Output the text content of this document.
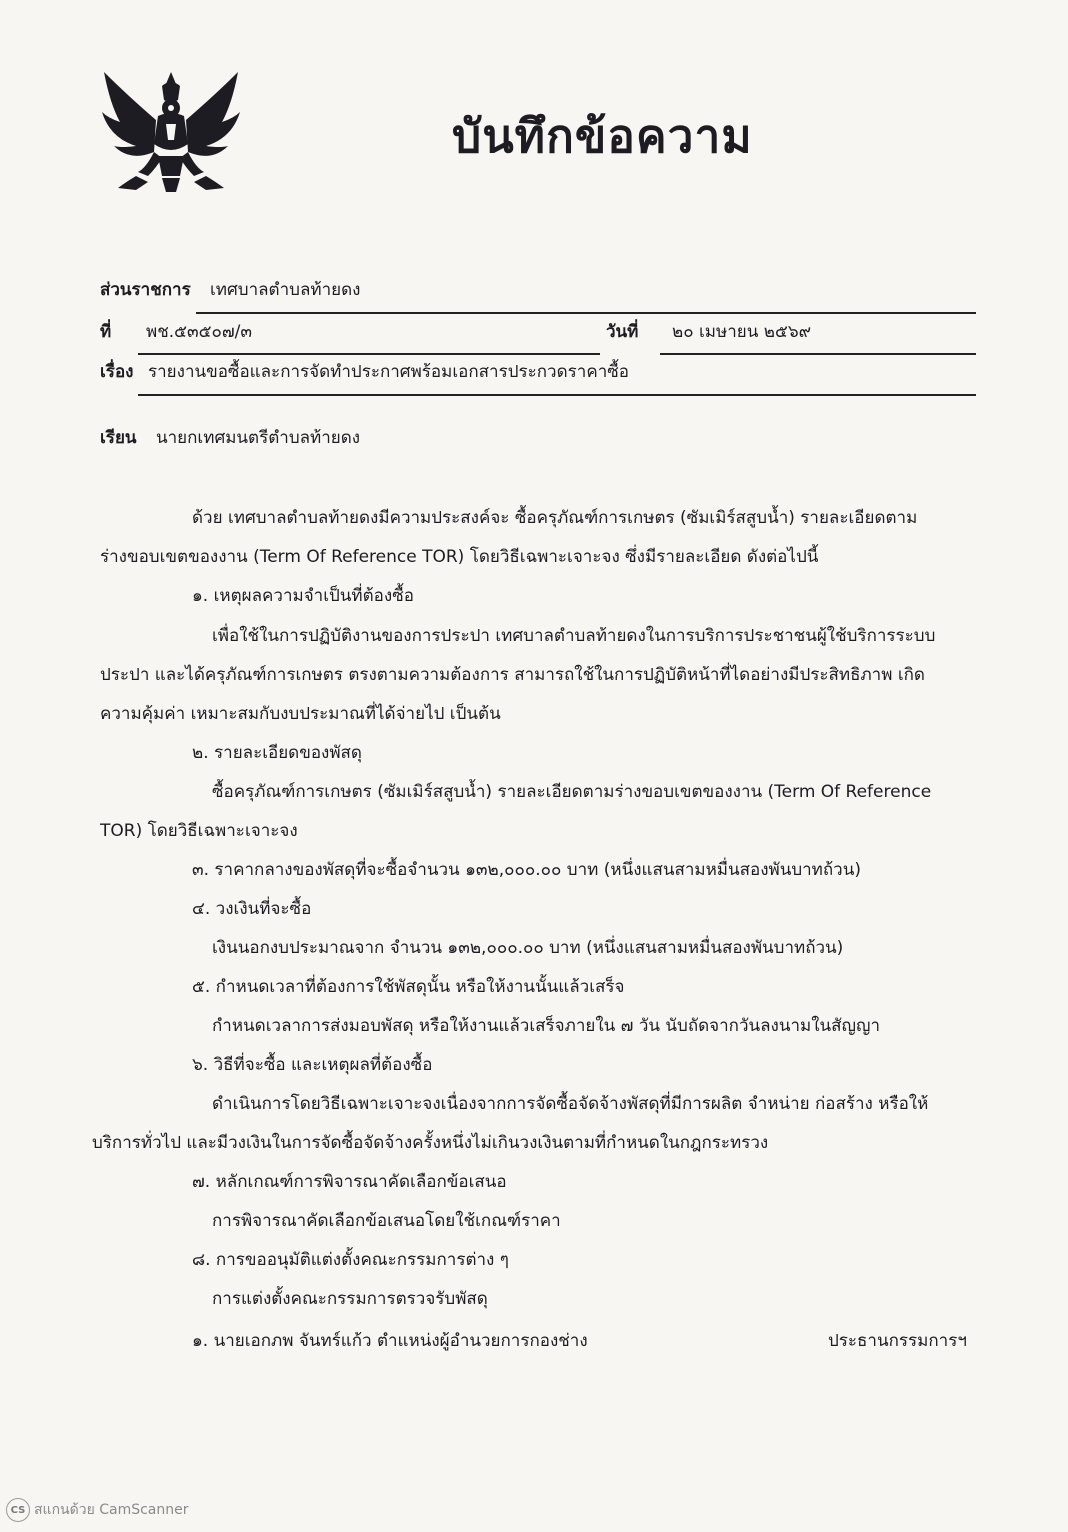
บันทึกข้อความ
ส่วนราชการ เทศบาลตำบลท้ายดง
ที่ พช.๕๓๕๐๗/๓	วันที่ ๒๐ เมษายน ๒๕๖๙
เรื่อง รายงานขอซื้อและการจัดทำประกาศพร้อมเอกสารประกวดราคาซื้อ
เรียน นายกเทศมนตรีตำบลท้ายดง
ด้วย เทศบาลตำบลท้ายดงมีความประสงค์จะ ซื้อครุภัณฑ์การเกษตร (ซัมเมิร์สสูบน้ำ) รายละเอียดตาม
ร่างขอบเขตของงาน (Term Of Reference TOR) โดยวิธีเฉพาะเจาะจง ซึ่งมีรายละเอียด ดังต่อไปนี้
๑. เหตุผลความจำเป็นที่ต้องซื้อ
เพื่อใช้ในการปฏิบัติงานของการประปา เทศบาลตำบลท้ายดงในการบริการประชาชนผู้ใช้บริการระบบ
ประปา และได้ครุภัณฑ์การเกษตร ตรงตามความต้องการ สามารถใช้ในการปฏิบัติหน้าที่ไดอย่างมีประสิทธิภาพ เกิด
ความคุ้มค่า เหมาะสมกับงบประมาณที่ได้จ่ายไป เป็นต้น
๒. รายละเอียดของพัสดุ
ซื้อครุภัณฑ์การเกษตร (ซัมเมิร์สสูบน้ำ) รายละเอียดตามร่างขอบเขตของงาน (Term Of Reference
TOR) โดยวิธีเฉพาะเจาะจง
๓. ราคากลางของพัสดุที่จะซื้อจำนวน ๑๓๒,๐๐๐.๐๐ บาท (หนึ่งแสนสามหมื่นสองพันบาทถ้วน)
๔. วงเงินที่จะซื้อ
เงินนอกงบประมาณจาก จำนวน ๑๓๒,๐๐๐.๐๐ บาท (หนึ่งแสนสามหมื่นสองพันบาทถ้วน)
๕. กำหนดเวลาที่ต้องการใช้พัสดุนั้น หรือให้งานนั้นแล้วเสร็จ
กำหนดเวลาการส่งมอบพัสดุ หรือให้งานแล้วเสร็จภายใน ๗ วัน นับถัดจากวันลงนามในสัญญา
๖. วิธีที่จะซื้อ และเหตุผลที่ต้องซื้อ
ดำเนินการโดยวิธีเฉพาะเจาะจงเนื่องจากการจัดซื้อจัดจ้างพัสดุที่มีการผลิต จำหน่าย ก่อสร้าง หรือให้
บริการทั่วไป และมีวงเงินในการจัดซื้อจัดจ้างครั้งหนึ่งไม่เกินวงเงินตามที่กำหนดในกฎกระทรวง
๗. หลักเกณฑ์การพิจารณาคัดเลือกข้อเสนอ
การพิจารณาคัดเลือกข้อเสนอโดยใช้เกณฑ์ราคา
๘. การขออนุมัติแต่งตั้งคณะกรรมการต่าง ๆ
การแต่งตั้งคณะกรรมการตรวจรับพัสดุ
๑. นายเอกภพ จันทร์แก้ว ตำแหน่งผู้อำนวยการกองช่าง	ประธานกรรมการฯ
CS สแกนด้วย CamScanner
